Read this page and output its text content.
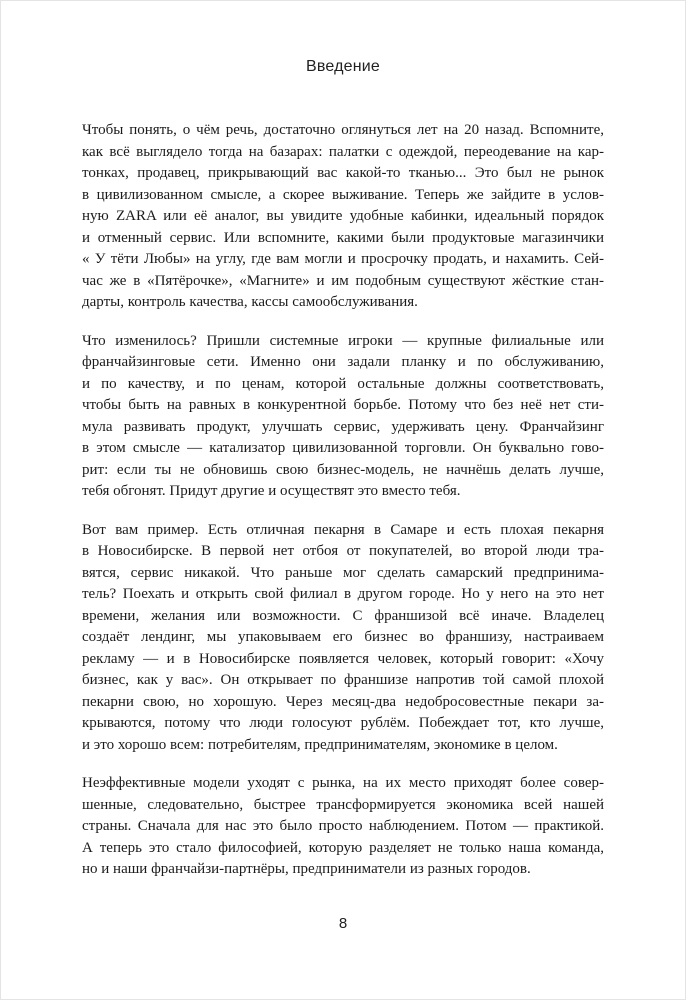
Введение
Чтобы понять, о чём речь, достаточно оглянуться лет на 20 назад. Вспомните,
как всё выглядело тогда на базарах: палатки с одеждой, переодевание на кар-
тонках, продавец, прикрывающий вас какой-то тканью... Это был не рынок
в цивилизованном смысле, а скорее выживание. Теперь же зайдите в услов-
ную ZARA или её аналог, вы увидите удобные кабинки, идеальный порядок
и отменный сервис. Или вспомните, какими были продуктовые магазинчики
« У тёти Любы» на углу, где вам могли и просрочку продать, и нахамить. Сей-
час же в «Пятёрочке», «Магните» и им подобным существуют жёсткие стан-
дарты, контроль качества, кассы самообслуживания.
Что изменилось? Пришли системные игроки — крупные филиальные или
франчайзинговые сети. Именно они задали планку и по обслуживанию,
и по качеству, и по ценам, которой остальные должны соответствовать,
чтобы быть на равных в конкурентной борьбе. Потому что без неё нет сти-
мула развивать продукт, улучшать сервис, удерживать цену. Франчайзинг
в этом смысле — катализатор цивилизованной торговли. Он буквально гово-
рит: если ты не обновишь свою бизнес-модель, не начнёшь делать лучше,
тебя обгонят. Придут другие и осуществят это вместо тебя.
Вот вам пример. Есть отличная пекарня в Самаре и есть плохая пекарня
в Новосибирске. В первой нет отбоя от покупателей, во второй люди тра-
вятся, сервис никакой. Что раньше мог сделать самарский предпринима-
тель? Поехать и открыть свой филиал в другом городе. Но у него на это нет
времени, желания или возможности. С франшизой всё иначе. Владелец
создаёт лендинг, мы упаковываем его бизнес во франшизу, настраиваем
рекламу — и в Новосибирске появляется человек, который говорит: «Хочу
бизнес, как у вас». Он открывает по франшизе напротив той самой плохой
пекарни свою, но хорошую. Через месяц-два недобросовестные пекари за-
крываются, потому что люди голосуют рублём. Побеждает тот, кто лучше,
и это хорошо всем: потребителям, предпринимателям, экономике в целом.
Неэффективные модели уходят с рынка, на их место приходят более совер-
шенные, следовательно, быстрее трансформируется экономика всей нашей
страны. Сначала для нас это было просто наблюдением. Потом — практикой.
А теперь это стало философией, которую разделяет не только наша команда,
но и наши франчайзи-партнёры, предприниматели из разных городов.
8
